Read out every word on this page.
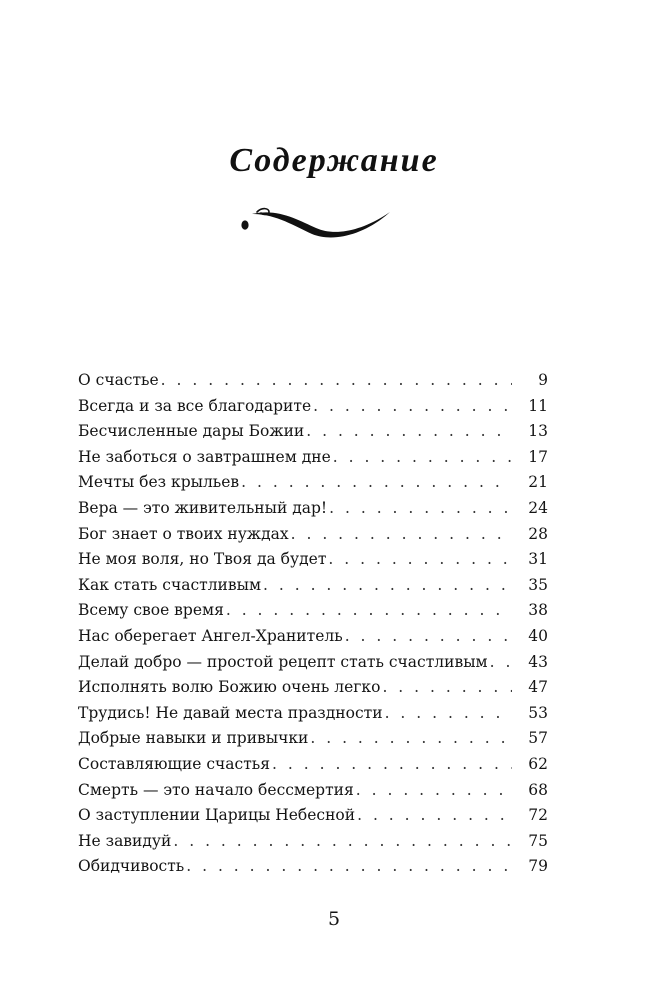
Содержание
О счастье . . .	9
Всегда и за все благодарите . . .	11
Бесчисленные дары Божии . . .	13
Не заботься о завтрашнем дне . . .	17
Мечты без крыльев . . .	21
Вера — это живительный дар! . . .	24
Бог знает о твоих нуждах . . .	28
Не моя воля, но Твоя да будет . . .	31
Как стать счастливым . . .	35
Всему свое время . . .	38
Нас оберегает Ангел-Хранитель . . .	40
Делай добро — простой рецепт стать счастливым . . .	43
Исполнять волю Божию очень легко . . .	47
Трудись! Не давай места праздности . . .	53
Добрые навыки и привычки . . .	57
Составляющие счастья . . .	62
Смерть — это начало бессмертия . . .	68
О заступлении Царицы Небесной . . .	72
Не завидуй . . .	75
Обидчивость . . .	79
5
